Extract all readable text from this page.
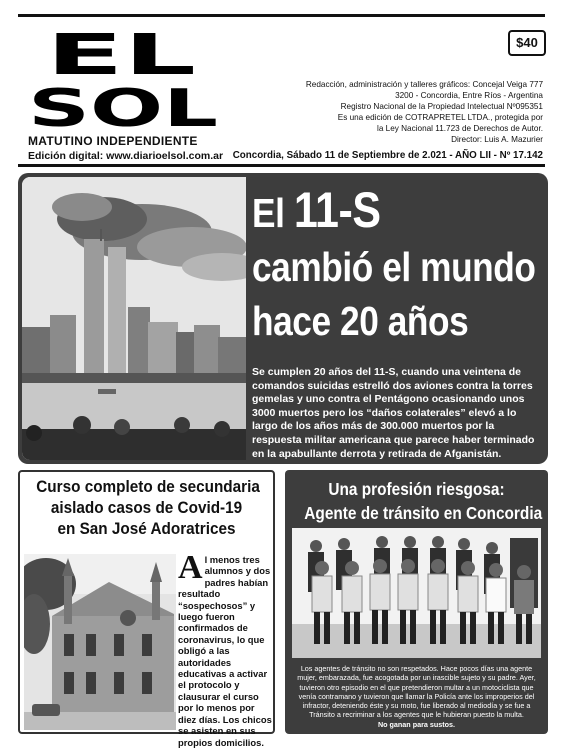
EL
SOL
MATUTINO INDEPENDIENTE
Edición digital: www.diarioelsol.com.ar
$40
Redacción, administración y talleres gráficos: Concejal Veiga 777
3200 - Concordia, Entre Ríos - Argentina
Registro Nacional de la Propiedad Intelectual Nº095351
Es una edición de COTRAPRETEL LTDA., protegida por
la Ley Nacional 11.723 de Derechos de Autor.
Director: Luis A. Mazurier
Concordia, Sábado 11 de Septiembre de 2.021 - AÑO LII - Nº 17.142
El 11-S
cambió el mundo
hace 20 años

Se cumplen 20 años del 11-S, cuando una veintena de comandos suicidas estrelló dos aviones contra la torres gemelas y uno contra el Pentágono ocasionando unos 3000 muertos pero los “daños colaterales” elevó a lo largo de los años más de 300.000 muertos por la respuesta militar americana que parece haber terminado en la apabullante derrota y retirada de Afganistán.

Curso completo de secundaria
aislado casos de Covid-19
en San José Adoratrices

Al menos tres alumnos y dos padres habían resultado “sospechosos” y luego fueron confirmados de coronavirus, lo que obligó a las autoridades educativas a activar el protocolo y clausurar el curso por lo menos por diez días. Los chicos se asisten en sus propios domicilios.

Una profesión riesgosa:
Agente de tránsito en Concordia

Los agentes de tránsito no son respetados. Hace pocos días una agente mujer, embarazada, fue acogotada por un irascible sujeto y su padre. Ayer, tuvieron otro episodio en el que pretendieron multar a un motociclista que venía contramano y tuvieron que llamar la Policía ante los improperios del infractor, deteniendo éste y su moto, fue liberado al mediodía y se fue a Tránsito a recriminar a los agentes que le hubieran puesto la multa.
No ganan para sustos.
